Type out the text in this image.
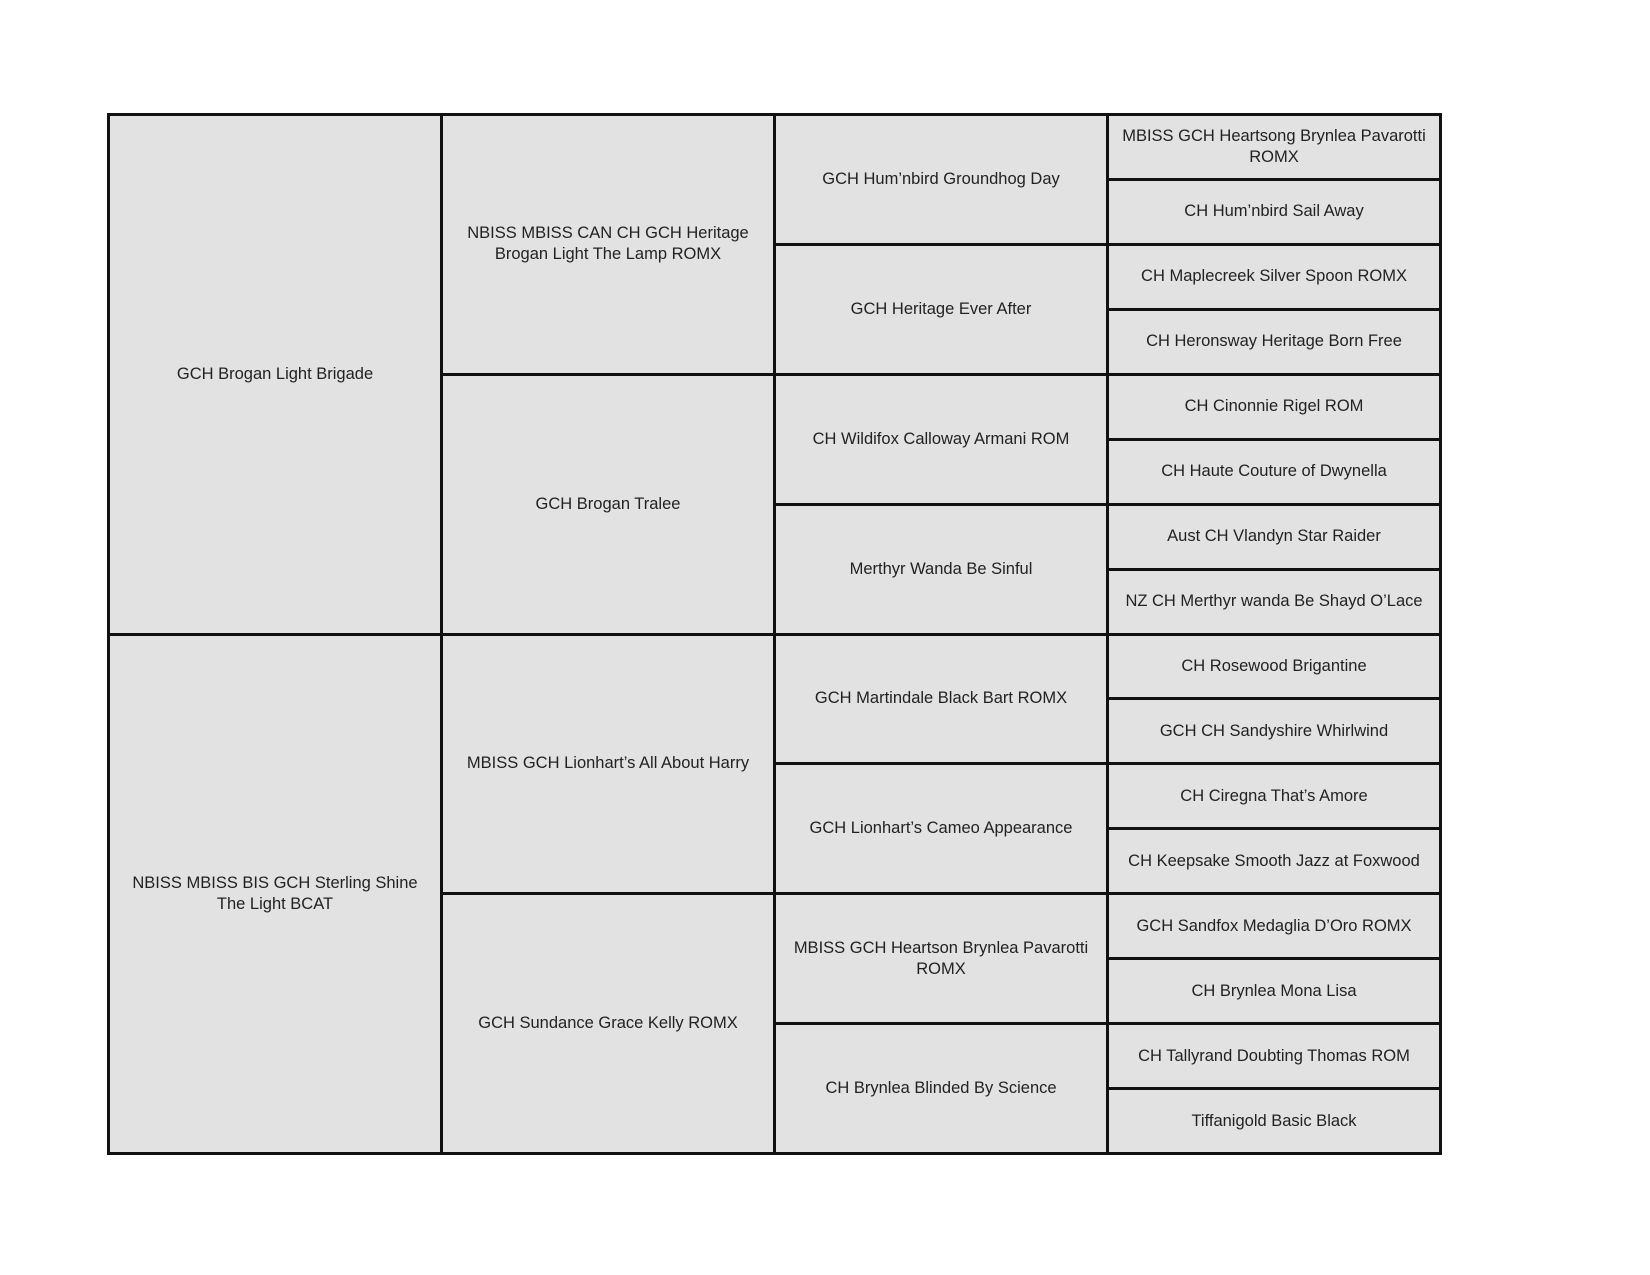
GCH Brogan Light Brigade
NBISS MBISS BIS GCH Sterling Shine The Light BCAT
NBISS MBISS CAN CH GCH Heritage Brogan Light The Lamp ROMX
GCH Brogan Tralee
MBISS GCH Lionhart’s All About Harry
GCH Sundance Grace Kelly ROMX
GCH Hum’nbird Groundhog Day
GCH Heritage Ever After
CH Wildifox Calloway Armani ROM
Merthyr Wanda Be Sinful
GCH Martindale Black Bart ROMX
GCH Lionhart’s Cameo Appearance
MBISS GCH Heartson Brynlea Pavarotti ROMX
CH Brynlea Blinded By Science
MBISS GCH Heartsong Brynlea Pavarotti ROMX
CH Hum’nbird Sail Away
CH Maplecreek Silver Spoon ROMX
CH Heronsway Heritage Born Free
CH Cinonnie Rigel ROM
CH Haute Couture of Dwynella
Aust CH Vlandyn Star Raider
NZ CH Merthyr wanda Be Shayd O’Lace
CH Rosewood Brigantine
GCH CH Sandyshire Whirlwind
CH Ciregna That’s Amore
CH Keepsake Smooth Jazz at Foxwood
GCH Sandfox Medaglia D’Oro ROMX
CH Brynlea Mona Lisa
CH Tallyrand Doubting Thomas ROM
Tiffanigold Basic Black
